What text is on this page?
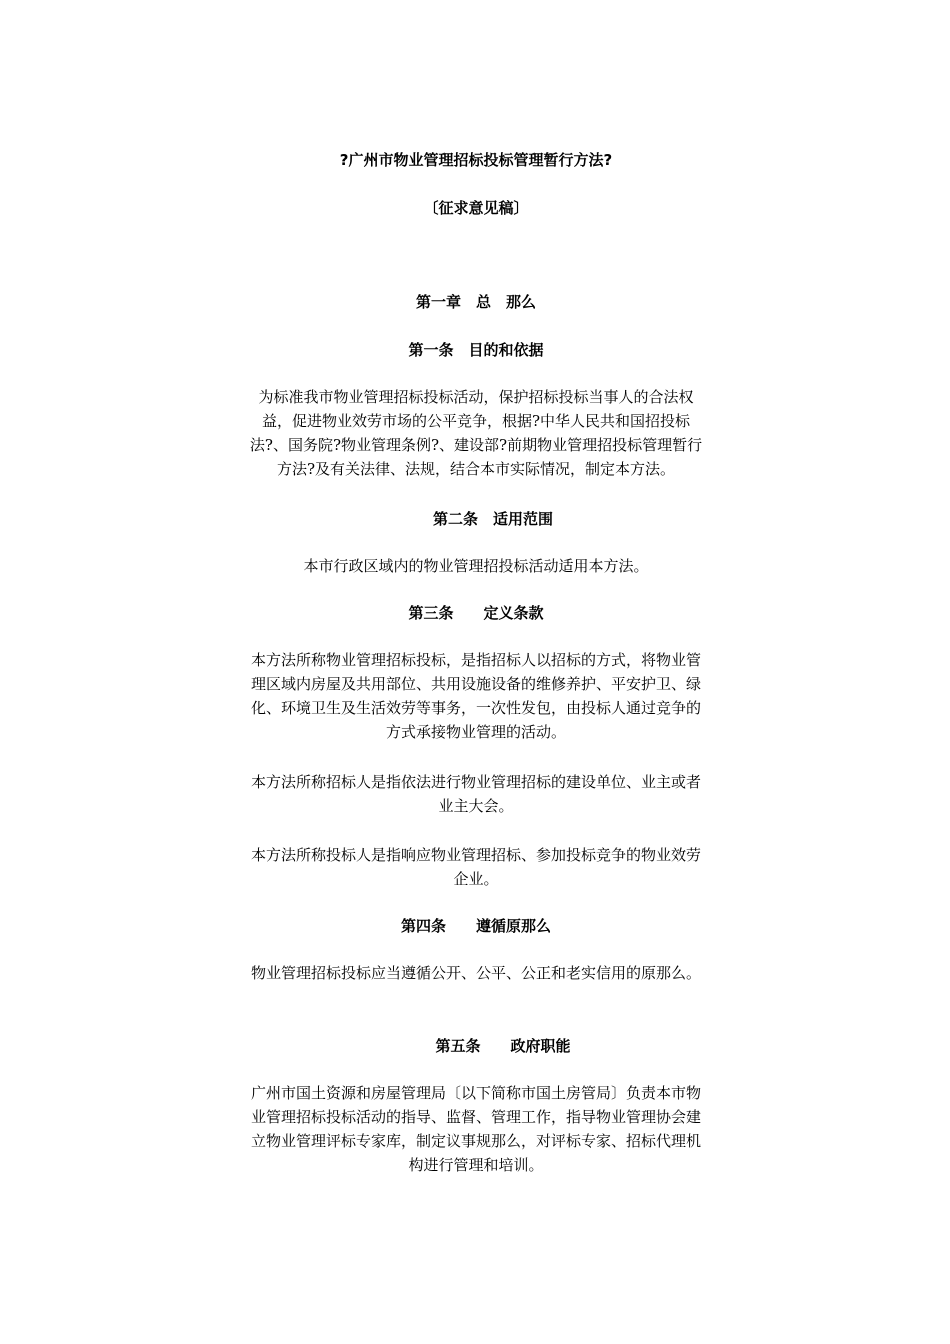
?广州市物业管理招标投标管理暂行方法?
〔征求意见稿〕
第一章　总　那么
第一条　目的和依据
为标准我市物业管理招标投标活动，保护招标投标当事人的合法权益，促进物业效劳市场的公平竞争，根据?中华人民共和国招投标法?、国务院?物业管理条例?、建设部?前期物业管理招投标管理暂行方法?及有关法律、法规，结合本市实际情况，制定本方法。
第二条　适用范围
本市行政区域内的物业管理招投标活动适用本方法。
第三条　　定义条款
本方法所称物业管理招标投标，是指招标人以招标的方式，将物业管理区域内房屋及共用部位、共用设施设备的维修养护、平安护卫、绿化、环境卫生及生活效劳等事务，一次性发包，由投标人通过竞争的方式承接物业管理的活动。
本方法所称招标人是指依法进行物业管理招标的建设单位、业主或者业主大会。
本方法所称投标人是指响应物业管理招标、参加投标竞争的物业效劳企业。
第四条　　遵循原那么
物业管理招标投标应当遵循公开、公平、公正和老实信用的原那么。
第五条　　政府职能
广州市国土资源和房屋管理局〔以下简称市国土房管局〕负责本市物业管理招标投标活动的指导、监督、管理工作，指导物业管理协会建立物业管理评标专家库，制定议事规那么，对评标专家、招标代理机构进行管理和培训。
